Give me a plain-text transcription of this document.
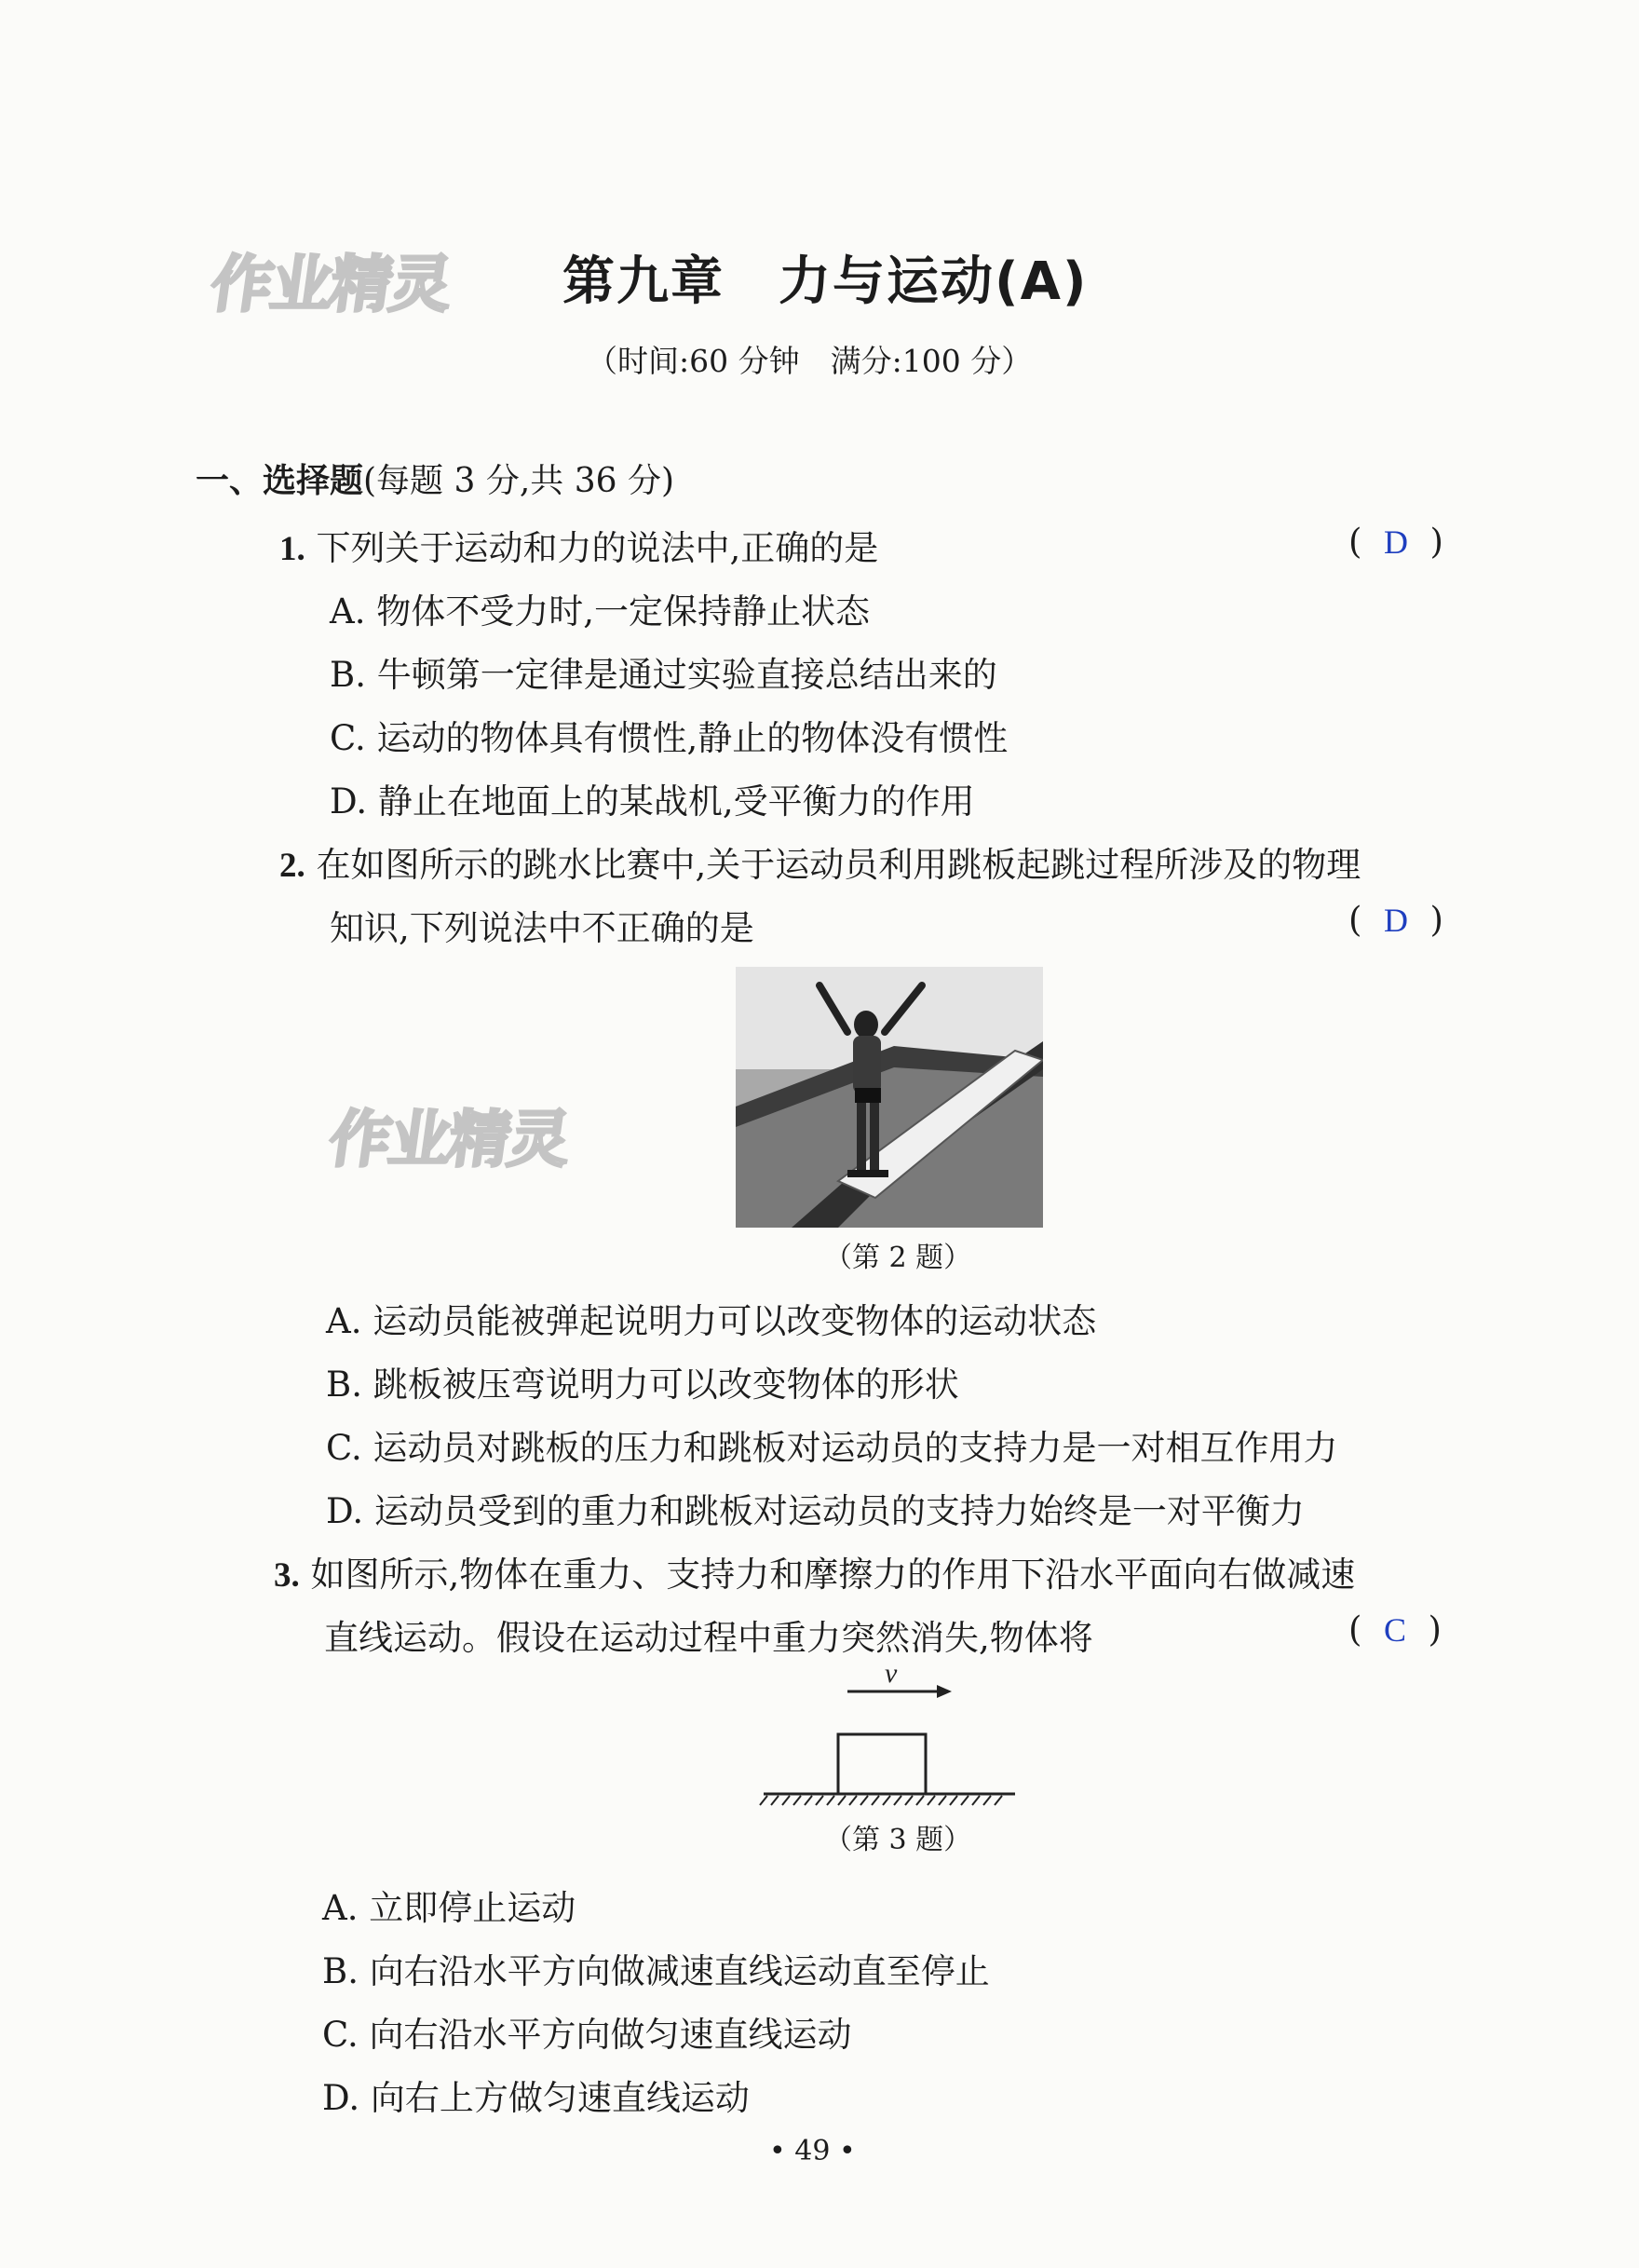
作业精灵
作业精灵
第九章　力与运动(A)
（时间:60 分钟　满分:100 分）
一、选择题(每题 3 分,共 36 分)
1. 下列关于运动和力的说法中,正确的是	( D )
A. 物体不受力时,一定保持静止状态
B. 牛顿第一定律是通过实验直接总结出来的
C. 运动的物体具有惯性,静止的物体没有惯性
D. 静止在地面上的某战机,受平衡力的作用
2. 在如图所示的跳水比赛中,关于运动员利用跳板起跳过程所涉及的物理
知识,下列说法中不正确的是	( D )
（第 2 题）
A. 运动员能被弹起说明力可以改变物体的运动状态
B. 跳板被压弯说明力可以改变物体的形状
C. 运动员对跳板的压力和跳板对运动员的支持力是一对相互作用力
D. 运动员受到的重力和跳板对运动员的支持力始终是一对平衡力
3. 如图所示,物体在重力、支持力和摩擦力的作用下沿水平面向右做减速
直线运动。假设在运动过程中重力突然消失,物体将	( C )
v
（第 3 题）
A. 立即停止运动
B. 向右沿水平方向做减速直线运动直至停止
C. 向右沿水平方向做匀速直线运动
D. 向右上方做匀速直线运动
• 49 •
